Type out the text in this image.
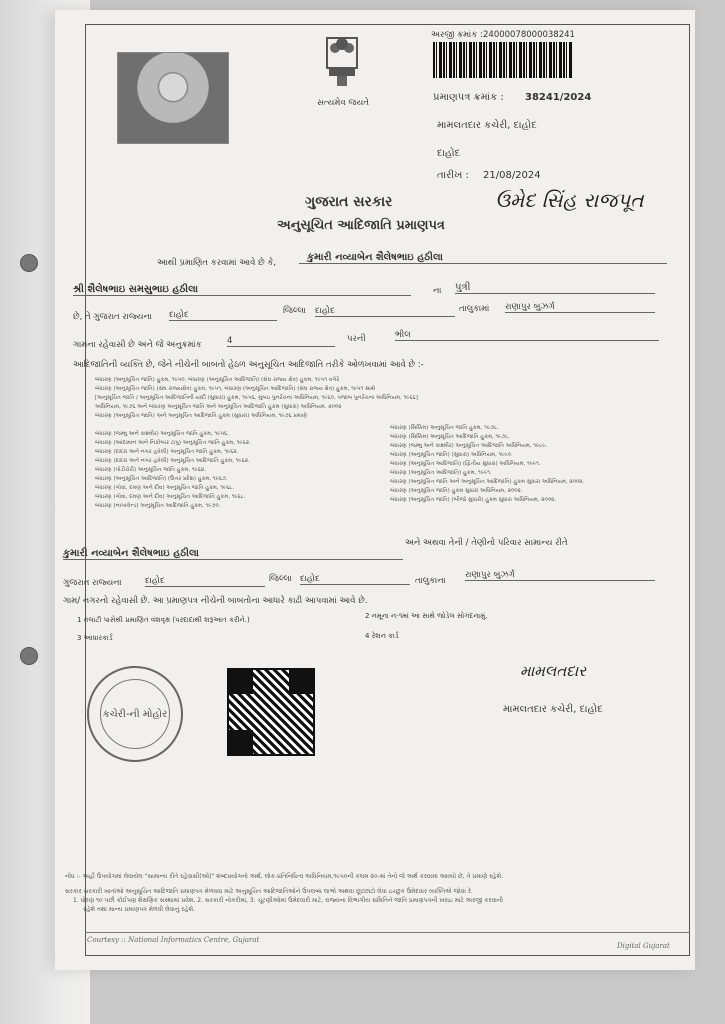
સત્યમેવ જયતે
અરજી ક્રમાંક : 24000078000038241
પ્રમાણપત્ર ક્રમાંક : 38241/2024
મામલતદાર કચેરી, દાહોદ
દાહોદ
તારીખ : 21/08/2024
ઉમેદ સિંહ રાજપૂત
ગુજરાત સરકાર
અનુસૂચિત આદિજાતિ પ્રમાણપત્ર
આથી પ્રમાણિત કરવામાં આવે છે કે,	કુમારી નવ્યાબેન શૈલેષભાઇ હઠીલા
શ્રી શૈલેષભાઇ સમસુભાઇ હઠીલા	ના પુત્રી
છે, તે ગુજરાત રાજ્યના દાહોદ	જિલ્લા દાહોદ	તાલુકામાં રાણાપુર બુઝર્ગ
ગામના રહેવાસી છે અને જે અનુક્રમાંક	4	પરની	ભીલ
આદિજાતિની વ્યક્તિ છે, જેને નીચેની બાબતો હેઠળ અનુસૂચિત આદિજાતિ તરીકે ઓળખવામાં આવે છે :-
બંધારણ (અનુસૂચિત જાતિ) હુકમ, ૧૯૫૦. બંધારણ (અનુસૂચિત આદિજાતિ) (સંઘ રાજ્ય ક્ષેત્ર) હુકમ, ૧૯૫૧ વગેરે
બંધારણ (અનુસૂચિત જાતિ) (સંઘ રાજ્યક્ષેત્ર) હુકમ, ૧૯૫૧, બંધારણ (અનુસૂચિત આદિજાતિ) (સંઘ રાજ્ય ક્ષેત્ર) હુકમ, ૧૯૫૧ સાથે
[અનુસૂચિત જાતિ / અનુસૂચિત આદિજાતિની યાદી (સુધારા) હુકમ, ૧૯૫૬, મુંબઇ પુનર્રચના અધિનિયમ, ૧૯૬૦, પંજાબ પુનર્રચના અધિનિયમ, ૧૯૬૬]
અધિનિયમ, ૧૯૭૬ અને બંધારણ અનુસૂચિત જાતિ અને અનુસૂચિત આદિજાતિ હુકમ (સુધારા) અધિનિયમ, ૨૦૦૨
બંધારણ (અનુસૂચિત જાતિ) અને અનુસૂચિત આદિજાતિ હુકમ (સુધારા) અધિનિયમ, ૧૯૭૬ પ્રમાણે
બંધારણ (જમ્મુ અને કાશ્મીર) અનુસૂચિત જાતિ હુકમ, ૧૯૫૬.
બંધારણ (આંદામાન અને નિકોબાર ટાપુ) અનુસૂચિત જાતિ હુકમ, ૧૯૬૨.
બંધારણ (દાદરા અને નગર હવેલી) અનુસૂચિત જાતિ હુકમ, ૧૯૬૨.
બંધારણ (દાદરા અને નગર હવેલી) અનુસૂચિત આદિજાતિ હુકમ, ૧૯૬૨.
બંધારણ (પોંડીચેરી) અનુસૂચિત જાતિ હુકમ, ૧૯૬૪.
બંધારણ (અનુસૂચિત આદિજાતિ) (ઉત્તર પ્રદેશ) હુકમ, ૧૯૬૭.
બંધારણ (ગોવા, દમણ અને દીવ) અનુસૂચિત જાતિ હુકમ, ૧૯૬૮.
બંધારણ (ગોવા, દમણ અને દીવ) અનુસૂચિત આદિજાતિ હુકમ, ૧૯૬૮.
બંધારણ (નાગાલેન્ડ) અનુસૂચિત આદિજાતિ હુકમ, ૧૯૭૦.
બંધારણ (સિક્કિમ) અનુસૂચિત જાતિ હુકમ, ૧૯૭૮.
બંધારણ (સિક્કિમ) અનુસૂચિત આદિજાતિ હુકમ, ૧૯૭૮.
બંધારણ (જમ્મુ અને કાશ્મીર) અનુસૂચિત આદિજાતિ અધિનિયમ, ૧૯૮૯.
બંધારણ (અનુસૂચિત જાતિ) (સુધારા) અધિનિયમ, ૧૯૯૦.
બંધારણ (અનુસૂચિત આદિજાતિ) (દ્વિતીય સુધારા) અધિનિયમ, ૧૯૯૧.
બંધારણ (અનુસૂચિત આદિજાતિ) હુકમ, ૧૯૯૧.
બંધારણ (અનુસૂચિત જાતિ અને અનુસૂચિત આદિજાતિ) હુકમ સુધારા અધિનિયમ, ૨૦૦૨.
બંધારણ (અનુસૂચિત જાતિ) હુકમ સુધારા અધિનિયમ, ૨૦૦૨.
બંધારણ (અનુસૂચિત જાતિ) (બીજો સુધારો) હુકમ સુધારા અધિનિયમ, ૨૦૦૨.
કુમારી નવ્યાબેન શૈલેષભાઇ હઠીલા
અને અથવા તેની / તેણીનો પરિવાર સામાન્ય રીતે
ગુજરાત રાજ્યના	દાહોદ	જિલ્લા દાહોદ	તાલુકાના
રાણાપુર બુઝર્ગ
ગામ/ નગરનો રહેવાસી છે. આ પ્રમાણપત્ર નીચેની બાબતોના આધારે કાઢી આપવામાં આવે છે.
1 તલાટી પાસેથી પ્રમાણિત વંશવૃક્ષ (પરદાદાથી શરૂઆત કરીને.)	2 નમૂના ન-૧માં આ સાથે જોડેલ સોગંદનામું.
3 આધારકાર્ડ	4 રેશન કાર્ડ
કચેરી-ની મોહોર
મામલતદાર
મામલતદાર કચેરી, દાહોદ
નોંધ :- અહીં ઉપયોગમાં લેવાયેલ "સામાન્ય રીતે રહેવાસી(ઓ)" શબ્દપ્રયોગનો અર્થ, લોક-પ્રતિનિધિત્વ અધિનિયમ,૧૯૫૦ની કલમ ૨૦-માં તેનો જે અર્થ કરવામાં આવ્યો છે, તે પ્રમાણે રહેશે.
સરકાર સરકારી ખાતાંઓ અનુસૂચિત આદિજાતિ પ્રમાણપત્ર મેળવવા માટે અનુસૂચિત આદિજાતિઓને ઉપલબ્ધ લાભો અથવા છૂટછાટો લેવા ઇચ્છુક ઉમેદવાર વ્યક્તિએ જોવા રે.
1. ધોરણ ૧૦ પછી કોઈપણ શૈક્ષણિક સંસ્થામાં પ્રવેશ, 2. સરકારી નોકરીમાં, 3. ચૂંટણીઓમાં ઉમેદવારી માટે, રાજ્યના વિભાગીય સમિતિને જાતિ પ્રમાણપત્રની ખરાઇ માટે અરજી કરવાની
રહેશે તથા માન્ય પ્રમાણપત્ર મેળવી લેવાનું રહેશે.
Courtesy :: National Informatics Centre, Gujarat
Digital Gujarat
